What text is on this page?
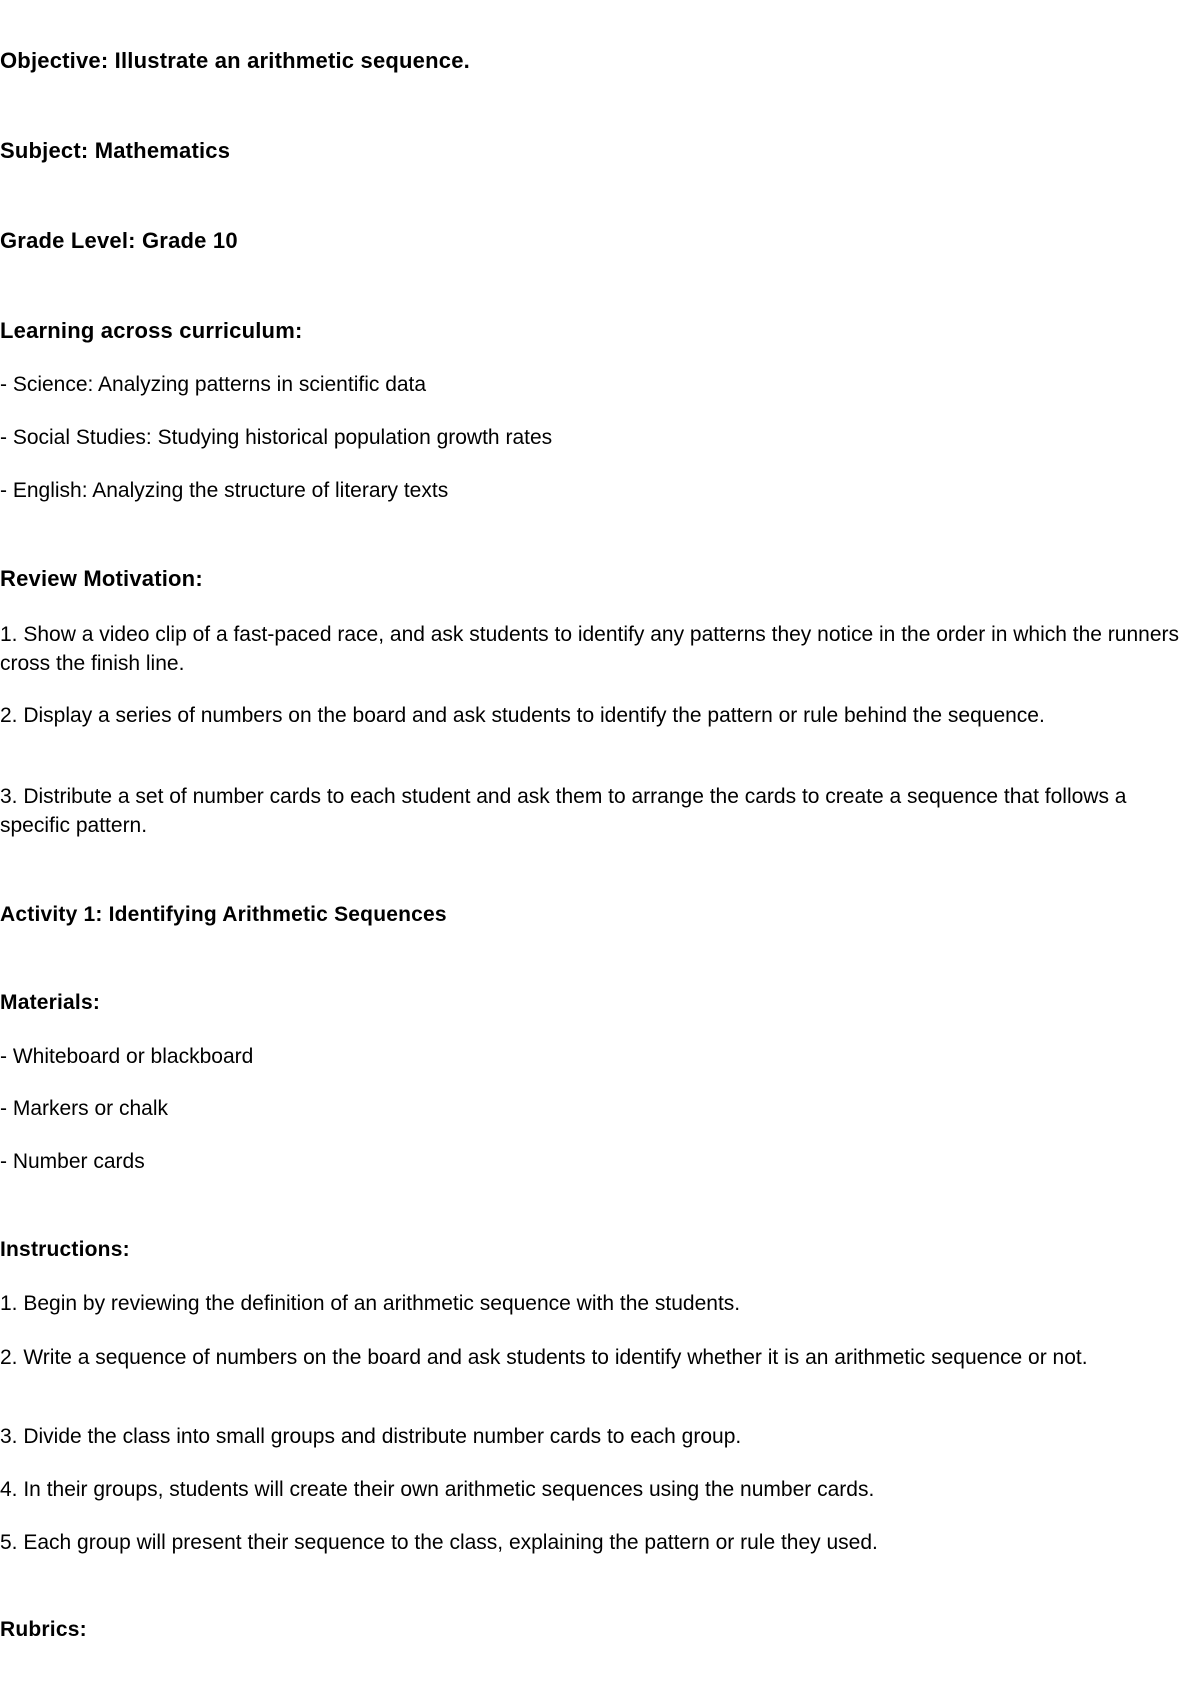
Objective: Illustrate an arithmetic sequence.

Subject: Mathematics

Grade Level: Grade 10

Learning across curriculum:

- Science: Analyzing patterns in scientific data

- Social Studies: Studying historical population growth rates

- English: Analyzing the structure of literary texts

Review Motivation:

1. Show a video clip of a fast-paced race, and ask students to identify any patterns they notice in the order in which the runners cross the finish line.

2. Display a series of numbers on the board and ask students to identify the pattern or rule behind the sequence.

3. Distribute a set of number cards to each student and ask them to arrange the cards to create a sequence that follows a specific pattern.

Activity 1: Identifying Arithmetic Sequences

Materials:

- Whiteboard or blackboard

- Markers or chalk

- Number cards

Instructions:

1. Begin by reviewing the definition of an arithmetic sequence with the students.

2. Write a sequence of numbers on the board and ask students to identify whether it is an arithmetic sequence or not.

3. Divide the class into small groups and distribute number cards to each group.

4. In their groups, students will create their own arithmetic sequences using the number cards.

5. Each group will present their sequence to the class, explaining the pattern or rule they used.

Rubrics:
